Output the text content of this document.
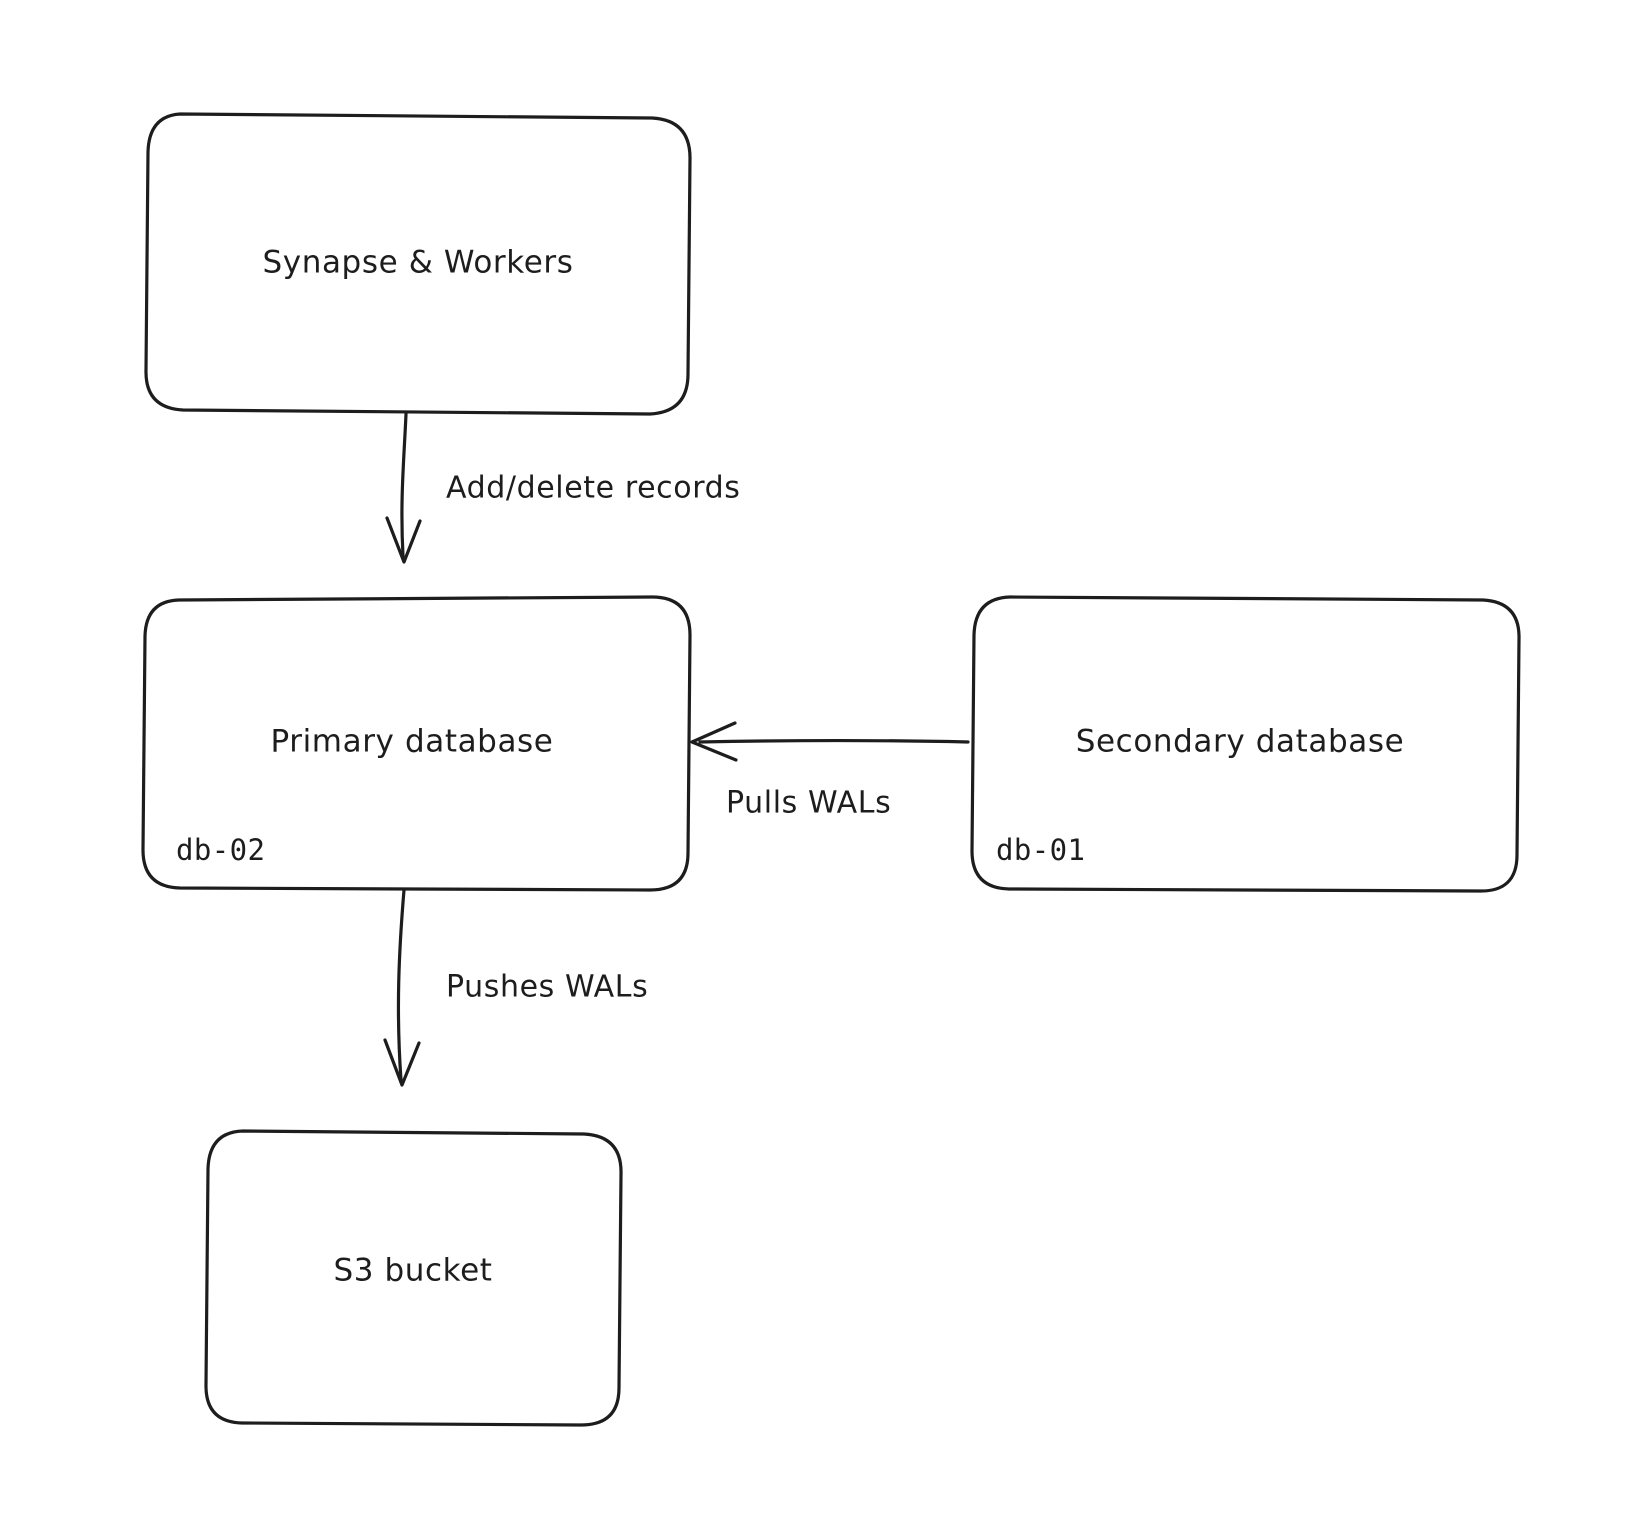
Synapse & Workers
Add/delete records
Primary database
db-02
Secondary database
db-01
Pulls WALs
Pushes WALs
S3 bucket
